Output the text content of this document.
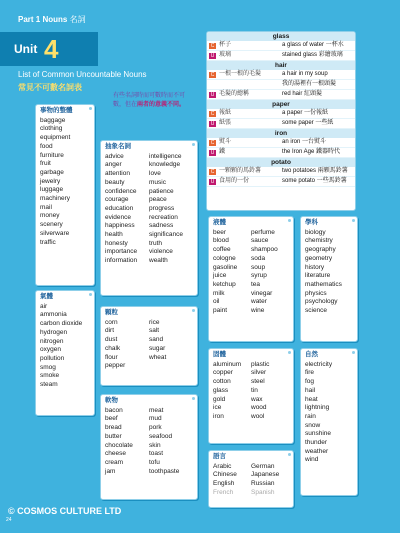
Part 1 Nouns 名詞
Unit 4
List of Common Uncountable Nouns
常見不可數名詞表
有些名詞時而可數時而不可數，但在兩者的意義不同。
glass
C 杯子	a glass of water 一杯水
U 玻璃	stained glass 彩繪玻璃
hair
C 一根一根的毛髮	a hair in my soup
我的湯裡有一根頭髮
U 毛髮的總稱	red hair 紅頭髮
paper
C 報紙	a paper 一份報紙
U 紙張	some paper 一些紙
iron
C 熨斗	an iron 一台熨斗
U 鐵	the Iron Age 鐵器時代
potato
C 一顆顆的馬鈴薯	two potatoes 兩顆馬鈴薯
U 食用的一份	some potato 一些馬鈴薯
事物的整體
baggage
clothing
equipment
food
furniture
fruit
garbage
jewelry
luggage
machinery
mail
money
scenery
silverware
traffic
氣體
air
ammonia
carbon dioxide
hydrogen
nitrogen
oxygen
pollution
smog
smoke
steam
抽象名詞
advice
anger
attention
beauty
confidence
courage
education
evidence
happiness
health
honesty
importance
information
intelligence
knowledge
love
music
patience
peace
progress
recreation
sadness
significance
truth
violence
wealth
顆粒
corn
dirt
dust
chalk
flour
pepper
rice
salt
sand
sugar
wheat
軟物
bacon
beef
bread
butter
chocolate
cheese
cream
jam
meat
mud
pork
seafood
skin
toast
tofu
toothpaste
液體
beer
blood
coffee
cologne
gasoline
juice
ketchup
milk
oil
paint
perfume
sauce
shampoo
soda
soup
syrup
tea
vinegar
water
wine
學科
biology
chemistry
geography
geometry
history
literature
mathematics
physics
psychology
science
固體
aluminum
copper
cotton
glass
gold
ice
iron
plastic
silver
steel
tin
wax
wood
wool
自然
electricity
fire
fog
hail
heat
lightning
rain
snow
sunshine
thunder
weather
wind
語言
Arabic
Chinese
English
French
German
Japanese
Russian
Spanish
© COSMOS CULTURE LTD
24
